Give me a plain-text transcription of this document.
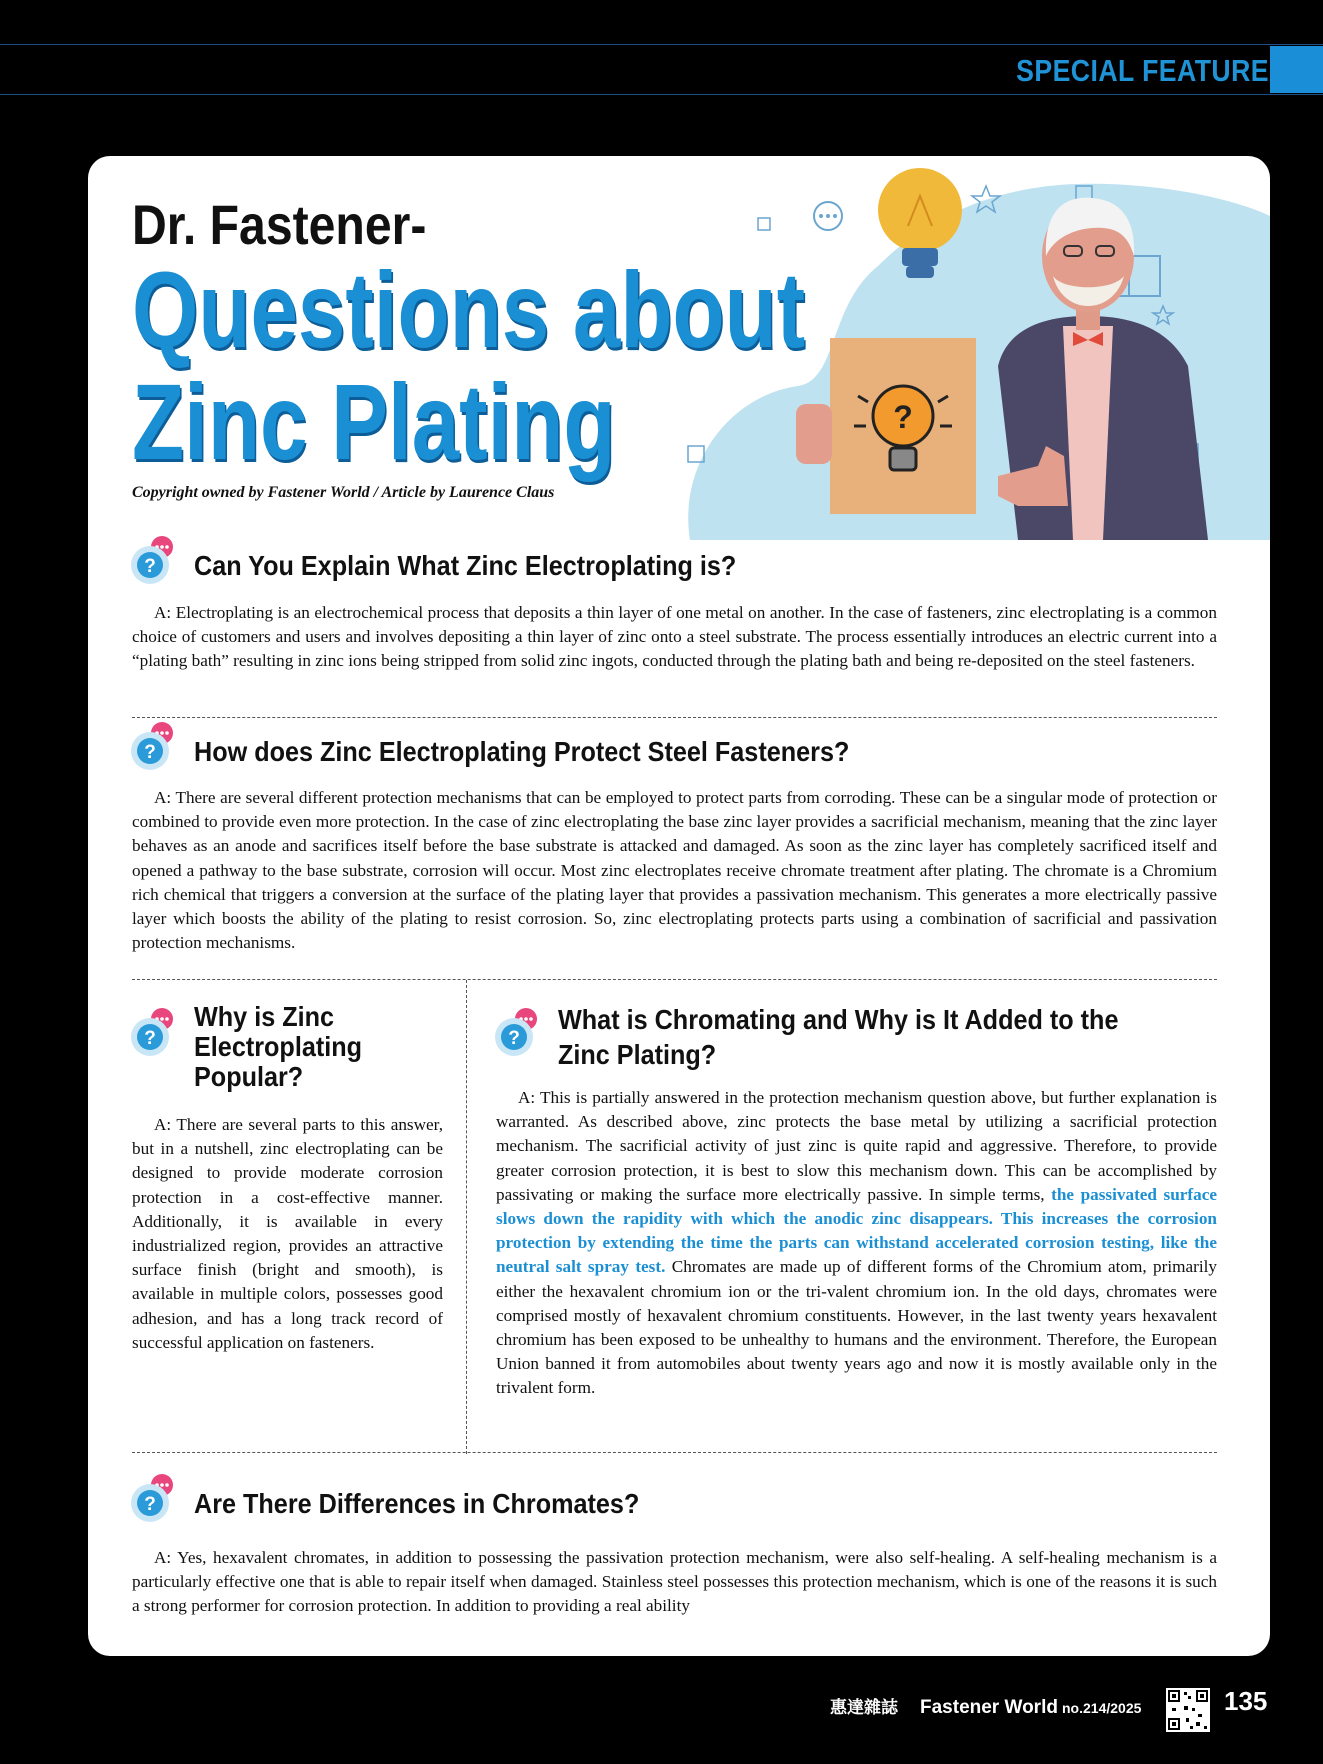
SPECIAL FEATURE
Dr. Fastener-
Questions about
Zinc Plating
Copyright owned by Fastener World / Article by Laurence Claus
?
? Can You Explain What Zinc Electroplating is?

A: Electroplating is an electrochemical process that deposits a thin layer of one metal on another. In the case of fasteners, zinc electroplating is a common choice of customers and users and involves depositing a thin layer of zinc onto a steel substrate. The process essentially introduces an electric current into a “plating bath” resulting in zinc ions being stripped from solid zinc ingots, conducted through the plating bath and being re-deposited on the steel fasteners.

? How does Zinc Electroplating Protect Steel Fasteners?

A: There are several different protection mechanisms that can be employed to protect parts from corroding. These can be a singular mode of protection or combined to provide even more protection. In the case of zinc electroplating the base zinc layer provides a sacrificial mechanism, meaning that the zinc layer behaves as an anode and sacrifices itself before the base substrate is attacked and damaged. As soon as the zinc layer has completely sacrificed itself and opened a pathway to the base substrate, corrosion will occur. Most zinc electroplates receive chromate treatment after plating. The chromate is a Chromium rich chemical that triggers a conversion at the surface of the plating layer that provides a passivation mechanism. This generates a more electrically passive layer which boosts the ability of the plating to resist corrosion. So, zinc electroplating protects parts using a combination of sacrificial and passivation protection mechanisms.

?
Why is Zinc
Electroplating
Popular?

A: There are several parts to this answer, but in a nutshell, zinc electroplating can be designed to provide moderate corrosion protection in a cost-effective manner. Additionally, it is available in every industrialized region, provides an attractive surface finish (bright and smooth), is available in multiple colors, possesses good adhesion, and has a long track record of successful application on fasteners.

?
What is Chromating and Why is It Added to the
Zinc Plating?

A: This is partially answered in the protection mechanism question above, but further explanation is warranted. As described above, zinc protects the base metal by utilizing a sacrificial protection mechanism. The sacrificial activity of just zinc is quite rapid and aggressive. Therefore, to provide greater corrosion protection, it is best to slow this mechanism down. This can be accomplished by passivating or making the surface more electrically passive. In simple terms, the passivated surface slows down the rapidity with which the anodic zinc disappears. This increases the corrosion protection by extending the time the parts can withstand accelerated corrosion testing, like the neutral salt spray test. Chromates are made up of different forms of the Chromium atom, primarily either the hexavalent chromium ion or the tri-valent chromium ion. In the old days, chromates were comprised mostly of hexavalent chromium constituents. However, in the last twenty years hexavalent chromium has been exposed to be unhealthy to humans and the environment. Therefore, the European Union banned it from automobiles about twenty years ago and now it is mostly available only in the trivalent form.

? Are There Differences in Chromates?

A: Yes, hexavalent chromates, in addition to possessing the passivation protection mechanism, were also self-healing. A self-healing mechanism is a particularly effective one that is able to repair itself when damaged. Stainless steel possesses this protection mechanism, which is one of the reasons it is such a strong performer for corrosion protection. In addition to providing a real ability

惠達雜誌 Fastener World no.214/2025	135
